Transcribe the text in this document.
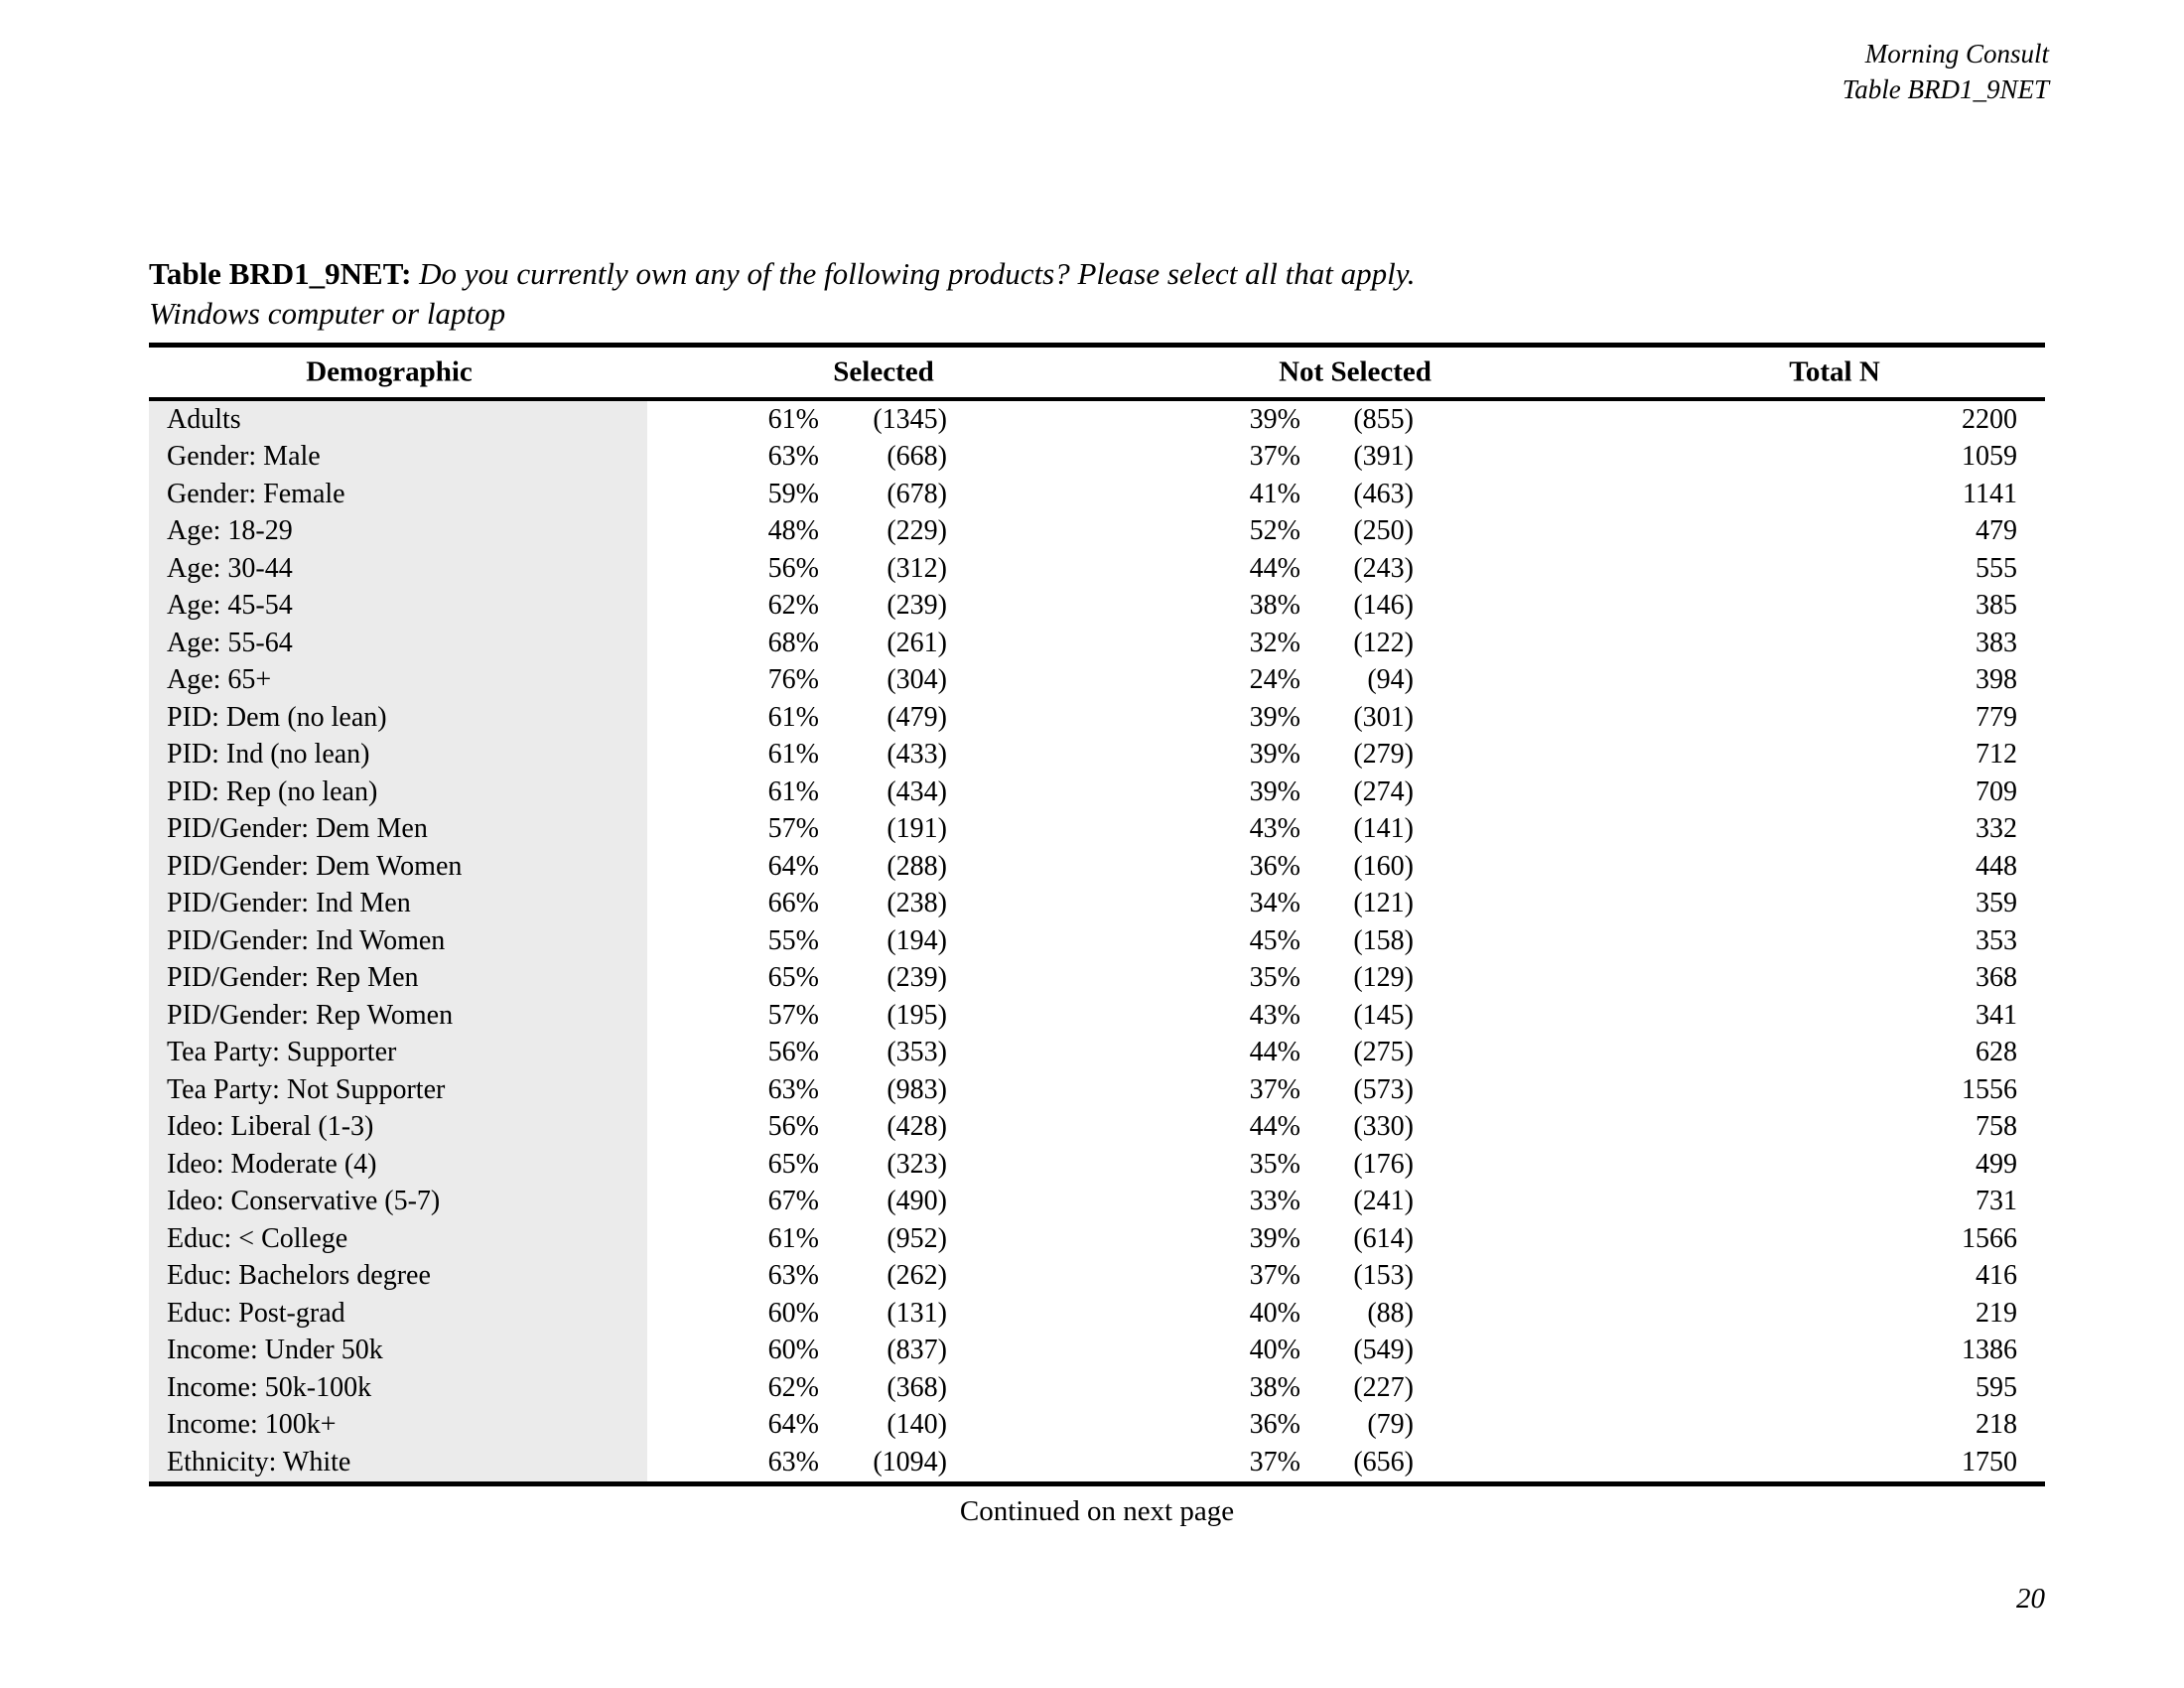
Morning Consult
Table BRD1_9NET
Table BRD1_9NET: Do you currently own any of the following products? Please select all that apply.
Windows computer or laptop
Demographic	Selected	Not Selected	Total N
Adults	61%	(1345)	39%	(855)	2200
Gender: Male	63%	(668)	37%	(391)	1059
Gender: Female	59%	(678)	41%	(463)	1141
Age: 18-29	48%	(229)	52%	(250)	479
Age: 30-44	56%	(312)	44%	(243)	555
Age: 45-54	62%	(239)	38%	(146)	385
Age: 55-64	68%	(261)	32%	(122)	383
Age: 65+	76%	(304)	24%	(94)	398
PID: Dem (no lean)	61%	(479)	39%	(301)	779
PID: Ind (no lean)	61%	(433)	39%	(279)	712
PID: Rep (no lean)	61%	(434)	39%	(274)	709
PID/Gender: Dem Men	57%	(191)	43%	(141)	332
PID/Gender: Dem Women	64%	(288)	36%	(160)	448
PID/Gender: Ind Men	66%	(238)	34%	(121)	359
PID/Gender: Ind Women	55%	(194)	45%	(158)	353
PID/Gender: Rep Men	65%	(239)	35%	(129)	368
PID/Gender: Rep Women	57%	(195)	43%	(145)	341
Tea Party: Supporter	56%	(353)	44%	(275)	628
Tea Party: Not Supporter	63%	(983)	37%	(573)	1556
Ideo: Liberal (1-3)	56%	(428)	44%	(330)	758
Ideo: Moderate (4)	65%	(323)	35%	(176)	499
Ideo: Conservative (5-7)	67%	(490)	33%	(241)	731
Educ: < College	61%	(952)	39%	(614)	1566
Educ: Bachelors degree	63%	(262)	37%	(153)	416
Educ: Post-grad	60%	(131)	40%	(88)	219
Income: Under 50k	60%	(837)	40%	(549)	1386
Income: 50k-100k	62%	(368)	38%	(227)	595
Income: 100k+	64%	(140)	36%	(79)	218
Ethnicity: White	63%	(1094)	37%	(656)	1750
Continued on next page
20
